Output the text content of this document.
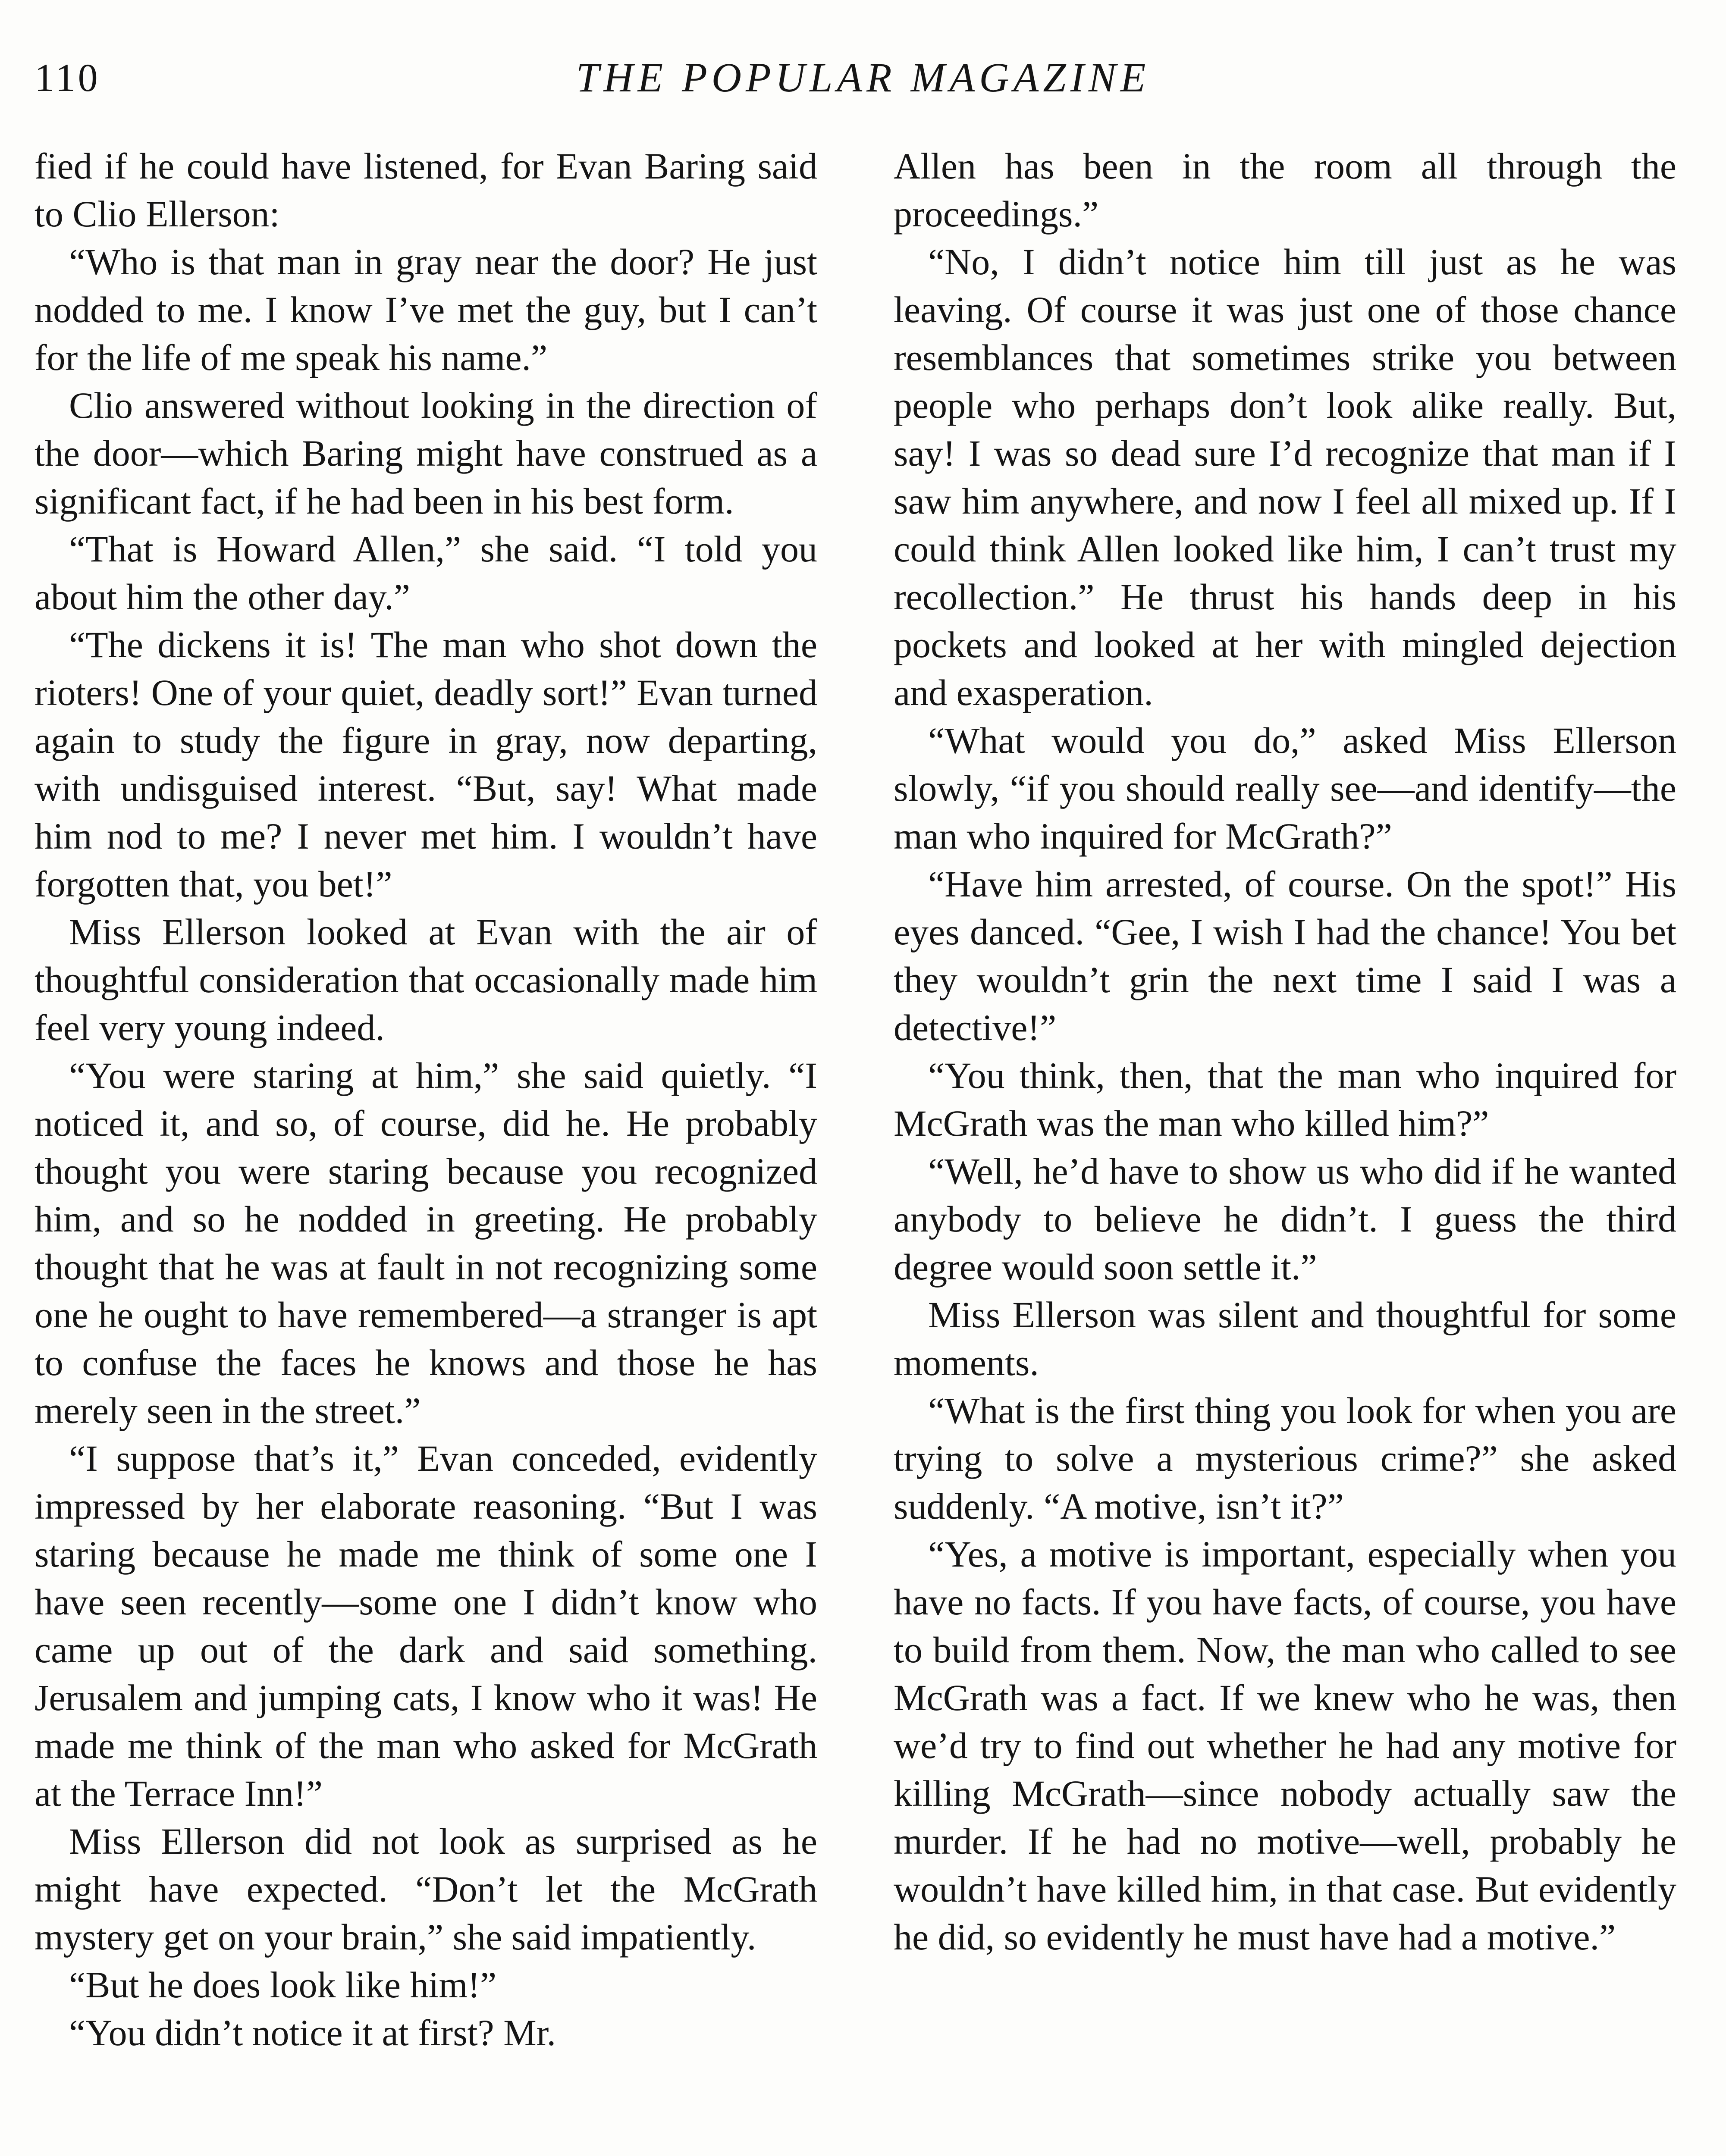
110	THE POPULAR MAGAZINE

fied if he could have listened, for Evan Baring said to Clio Ellerson:

“Who is that man in gray near the door? He just nodded to me. I know I’ve met the guy, but I can’t for the life of me speak his name.”

Clio answered without looking in the direction of the door—which Baring might have construed as a significant fact, if he had been in his best form.

“That is Howard Allen,” she said. “I told you about him the other day.”

“The dickens it is! The man who shot down the rioters! One of your quiet, deadly sort!” Evan turned again to study the figure in gray, now departing, with undisguised interest. “But, say! What made him nod to me? I never met him. I wouldn’t have forgotten that, you bet!”

Miss Ellerson looked at Evan with the air of thoughtful consideration that occasionally made him feel very young indeed.

“You were staring at him,” she said quietly. “I noticed it, and so, of course, did he. He probably thought you were staring because you recognized him, and so he nodded in greeting. He probably thought that he was at fault in not recognizing some one he ought to have remembered—a stranger is apt to confuse the faces he knows and those he has merely seen in the street.”

“I suppose that’s it,” Evan conceded, evidently impressed by her elaborate reasoning. “But I was staring because he made me think of some one I have seen recently—some one I didn’t know who came up out of the dark and said something. Jerusalem and jumping cats, I know who it was! He made me think of the man who asked for McGrath at the Terrace Inn!”

Miss Ellerson did not look as surprised as he might have expected. “Don’t let the McGrath mystery get on your brain,” she said impatiently.

“But he does look like him!”

“You didn’t notice it at first? Mr.

Allen has been in the room all through the proceedings.”

“No, I didn’t notice him till just as he was leaving. Of course it was just one of those chance resemblances that sometimes strike you between people who perhaps don’t look alike really. But, say! I was so dead sure I’d recognize that man if I saw him anywhere, and now I feel all mixed up. If I could think Allen looked like him, I can’t trust my recollection.” He thrust his hands deep in his pockets and looked at her with mingled dejection and exasperation.

“What would you do,” asked Miss Ellerson slowly, “if you should really see—and identify—the man who inquired for McGrath?”

“Have him arrested, of course. On the spot!” His eyes danced. “Gee, I wish I had the chance! You bet they wouldn’t grin the next time I said I was a detective!”

“You think, then, that the man who inquired for McGrath was the man who killed him?”

“Well, he’d have to show us who did if he wanted anybody to believe he didn’t. I guess the third degree would soon settle it.”

Miss Ellerson was silent and thoughtful for some moments.

“What is the first thing you look for when you are trying to solve a mysterious crime?” she asked suddenly. “A motive, isn’t it?”

“Yes, a motive is important, especially when you have no facts. If you have facts, of course, you have to build from them. Now, the man who called to see McGrath was a fact. If we knew who he was, then we’d try to find out whether he had any motive for killing McGrath—since nobody actually saw the murder. If he had no motive—well, probably he wouldn’t have killed him, in that case. But evidently he did, so evidently he must have had a motive.”
